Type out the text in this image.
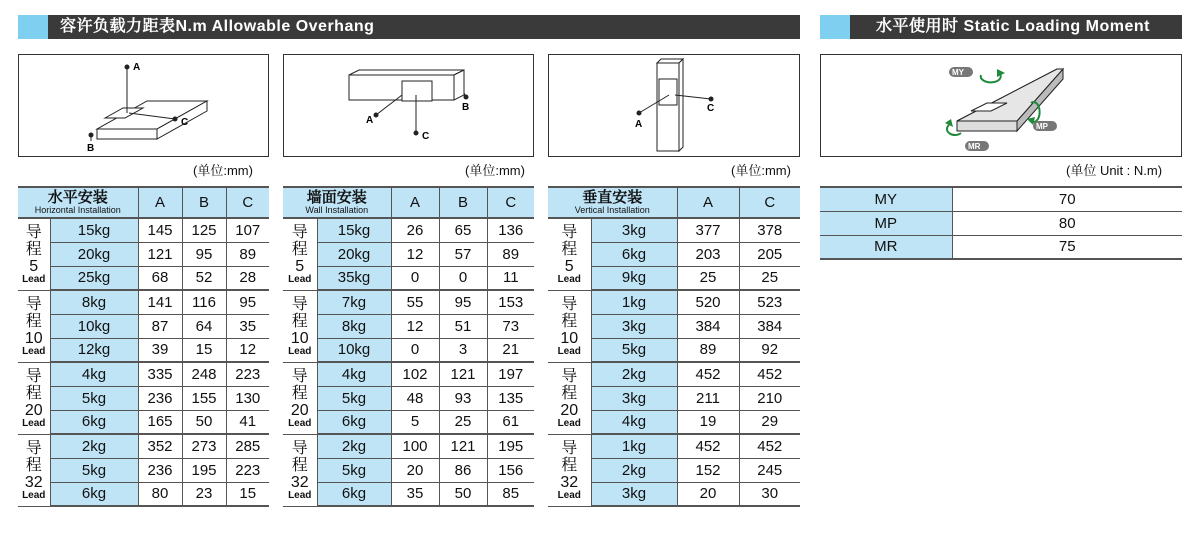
容许负载力距表N.m Allowable Overhang	水平使用时 Static Loading Moment
A
C
B
(单位:mm)
A
C
B
(单位:mm)
A
C
(单位:mm)
MY
MP
MR
(单位 Unit : N.m)
水平安装
Horizontal Installation		A	B	C
导
程
5
Lead	15kg	145	125	107
	20kg	121	95	89
	25kg	68	52	28
导
程
10
Lead	8kg	141	116	95
	10kg	87	64	35
	12kg	39	15	12
导
程
20
Lead	4kg	335	248	223
	5kg	236	155	130
	6kg	165	50	41
导
程
32
Lead	2kg	352	273	285
	5kg	236	195	223
	6kg	80	23	15
墙面安装
Wall Installation		A	B	C
导
程
5
Lead	15kg	26	65	136
	20kg	12	57	89
	35kg	0	0	11
导
程
10
Lead	7kg	55	95	153
	8kg	12	51	73
	10kg	0	3	21
导
程
20
Lead	4kg	102	121	197
	5kg	48	93	135
	6kg	5	25	61
导
程
32
Lead	2kg	100	121	195
	5kg	20	86	156
	6kg	35	50	85
垂直安装
Vertical Installation		A	C
导
程
5
Lead	3kg	377	378
	6kg	203	205
	9kg	25	25
导
程
10
Lead	1kg	520	523
	3kg	384	384
	5kg	89	92
导
程
20
Lead	2kg	452	452
	3kg	211	210
	4kg	19	29
导
程
32
Lead	1kg	452	452
	2kg	152	245
	3kg	20	30
MY	70
MP	80
MR	75
